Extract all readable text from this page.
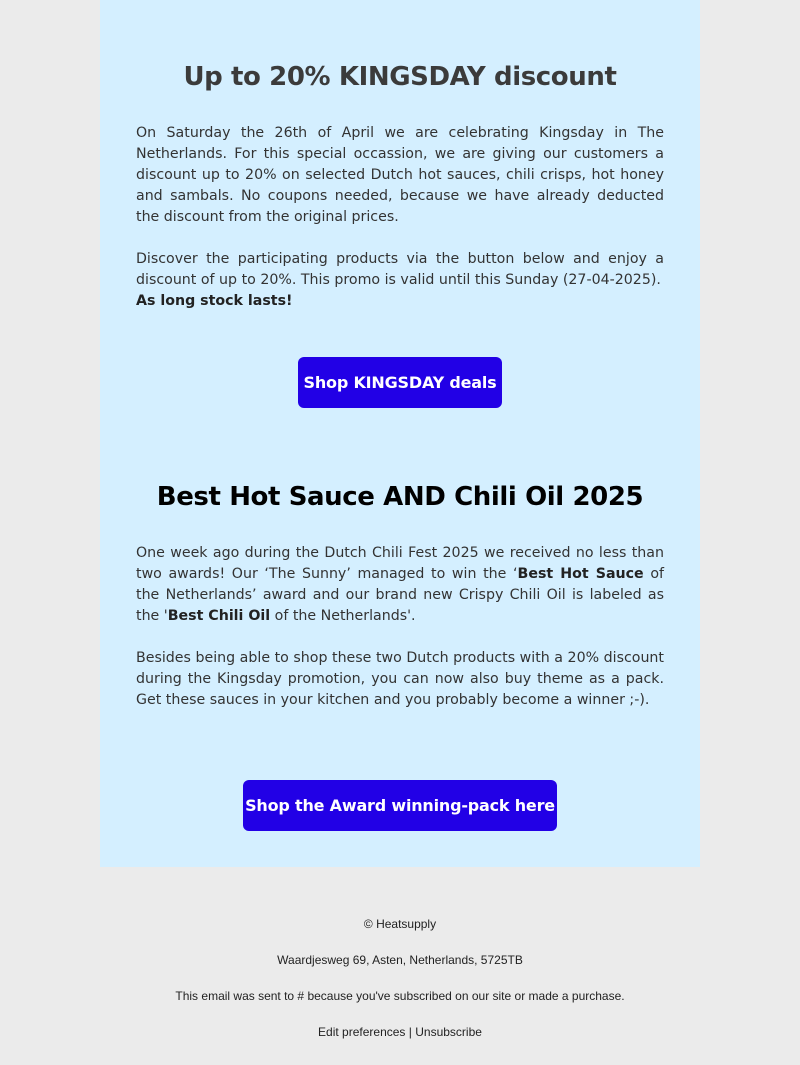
Up to 20% KINGSDAY discount
On Saturday the 26th of April we are celebrating Kingsday in The Netherlands. For this special occassion, we are giving our customers a discount up to 20% on selected Dutch hot sauces, chili crisps, hot honey and sambals. No coupons needed, because we have already deducted the discount from the original prices.
Discover the participating products via the button below and enjoy a discount of up to 20%. This promo is valid until this Sunday (27-04-2025).
As long stock lasts!
Shop KINGSDAY deals
Best Hot Sauce AND Chili Oil 2025
One week ago during the Dutch Chili Fest 2025 we received no less than two awards! Our ‘The Sunny’ managed to win the ‘Best Hot Sauce of the Netherlands’ award and our brand new Crispy Chili Oil is labeled as the 'Best Chili Oil of the Netherlands'.
Besides being able to shop these two Dutch products with a 20% discount during the Kingsday promotion, you can now also buy theme as a pack. Get these sauces in your kitchen and you probably become a winner ;-).
Shop the Award winning-pack here
© Heatsupply
Waardjesweg 69, Asten, Netherlands, 5725TB
This email was sent to # because you've subscribed on our site or made a purchase.
Edit preferences | Unsubscribe
